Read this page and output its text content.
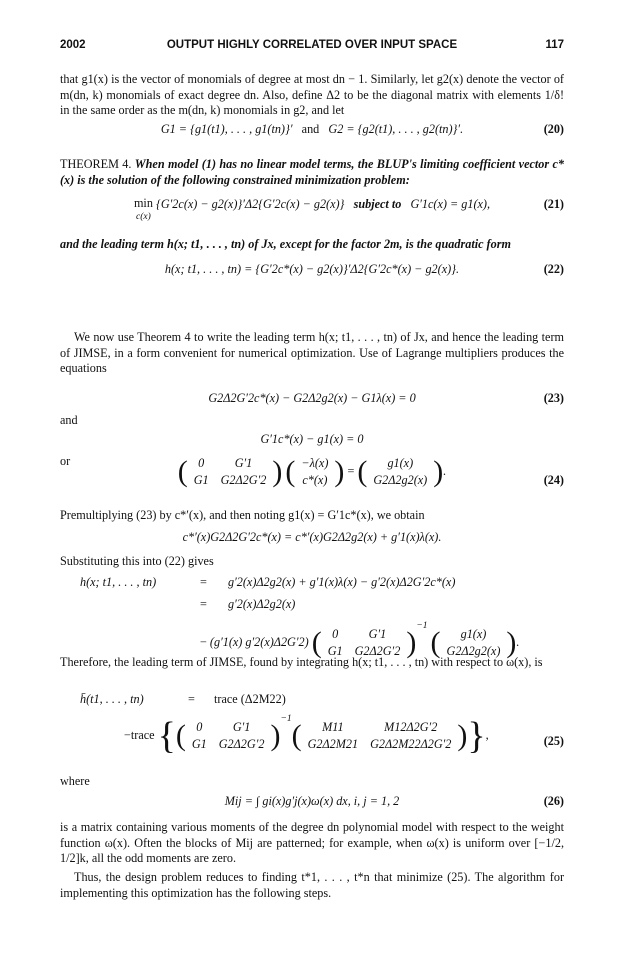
2002	OUTPUT HIGHLY CORRELATED OVER INPUT SPACE	117
that g1(x) is the vector of monomials of degree at most dn − 1. Similarly, let g2(x) denote the vector of m(dn, k) monomials of exact degree dn. Also, define Δ2 to be the diagonal matrix with elements 1/δ! in the same order as the m(dn, k) monomials in g2, and let
G1 = {g1(t1), . . . , g1(tn)}′ and G2 = {g2(t1), . . . , g2(tn)}′.	(20)
THEOREM 4. When model (1) has no linear model terms, the BLUP's limiting coefficient vector c*(x) is the solution of the following constrained minimization problem:
min
c(x) {G′2c(x) − g2(x)}′Δ2{G′2c(x) − g2(x)} subject to G′1c(x) = g1(x),	(21)
and the leading term h(x; t1, . . . , tn) of Jx, except for the factor 2m, is the quadratic form
h(x; t1, . . . , tn) = {G′2c*(x) − g2(x)}′Δ2{G′2c*(x) − g2(x)}.	(22)
We now use Theorem 4 to write the leading term h(x; t1, . . . , tn) of Jx, and hence the leading term of JIMSE, in a form convenient for numerical optimization. Use of Lagrange multipliers produces the equations
G2Δ2G′2c*(x) − G2Δ2g2(x) − G1λ(x) = 0	(23)
and
G′1c*(x) − g1(x) = 0
or	( 0	G′1
G1	G2Δ2G′2 ) ( −λ(x)
c*(x) ) = ( g1(x)
G2Δ2g2(x) ).
(24)
Premultiplying (23) by c*′(x), and then noting g1(x) = G′1c*(x), we obtain
c*′(x)G2Δ2G′2c*(x) = c*′(x)G2Δ2g2(x) + g′1(x)λ(x).
Substituting this into (22) gives
h(x; t1, . . . , tn)	= g′2(x)Δ2g2(x) + g′1(x)λ(x) − g′2(x)Δ2G′2c*(x)
= g′2(x)Δ2g2(x)
− (g′1(x) g′2(x)Δ2G′2) ( 0	G′1
G1	G2Δ2G′2 )$^{-1}$ ( g1(x)
G2Δ2g2(x) ).
Therefore, the leading term of JIMSE, found by integrating h(x; t1, . . . , tn) with respect to ω(x), is
h̄(t1, . . . , tn)	= trace (Δ2M22)
−trace {( 0	G′1
G1	G2Δ2G′2 )$^{-1}$( M11	M12Δ2G′2
G2Δ2M21	G2Δ2M22Δ2G′2 )},	(25)
where
Mij = ∫ gi(x)g′j(x)ω(x) dx, i, j = 1, 2	(26)
is a matrix containing various moments of the degree dn polynomial model with respect to the weight function ω(x). Often the blocks of Mij are patterned; for example, when ω(x) is uniform over [−1/2, 1/2]k, all the odd moments are zero.
Thus, the design problem reduces to finding t*1, . . . , t*n that minimize (25). The algorithm for implementing this optimization has the following steps.
